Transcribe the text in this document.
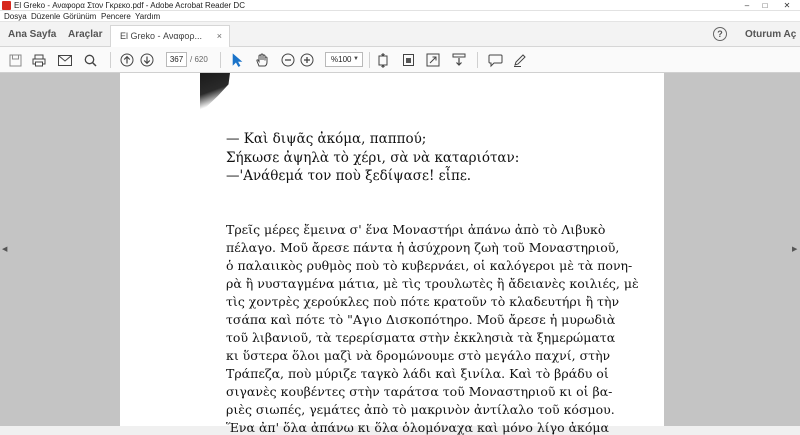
El Greko - Αναφορα Στον Γκρεκο.pdf - Adobe Acrobat Reader DC	–	□	✕
Dosya Düzenle Görünüm Pencere Yardım
Ana Sayfa Araçlar El Greko - Αναφορ... ×	?	Oturum Aç
367 / 620	%100 ▼
◀	▶
— Καὶ διψᾶς ἀκόμα, παππού;
Σήκωσε ἀψηλὰ τὸ χέρι, σὰ νὰ καταριόταν:
—'Ανάθεμά τον ποὺ ξεδίψασε! εἶπε.
Τρεῖς μέρες ἔμεινα σ' ἕνα Μοναστήρι ἀπάνω ἀπὸ τὸ Λιβυκὸ
πέλαγο. Μοῦ ἄρεσε πάντα ἡ ἀσύχρονη ζωὴ τοῦ Μοναστηριοῦ,
ὁ παλαιικὸς ρυθμὸς ποὺ τὸ κυβερνάει, οἱ καλόγεροι μὲ τὰ πονη-
ρὰ ἢ νυσταγμένα μάτια, μὲ τὶς τρουλωτὲς ἢ ἄδειανὲς κοιλιές, μὲ
τὶς χοντρὲς χερούκλες ποὺ πότε κρατοῦν τὸ κλαδευτήρι ἢ τὴν
τσάπα καὶ πότε τὸ "Αγιο Δισκοπότηρο. Μοῦ ἄρεσε ἡ μυρωδιὰ
τοῦ λιβανιοῦ, τὰ τερερίσματα στὴν ἐκκλησιὰ τὰ ξημερώματα
κι ὕστερα ὅλοι μαζὶ νὰ δρομώνουμε στὸ μεγάλο παχνί, στὴν
Τράπεζα, ποὺ μύριζε ταγκὸ λάδι καὶ ξινίλα. Καὶ τὸ βράδυ οἱ
σιγανὲς κουβέντες στὴν ταράτσα τοῦ Μοναστηριοῦ κι οἱ βα-
ριὲς σιωπές, γεμάτες ἀπὸ τὸ μακρινὸν ἀντίλαλο τοῦ κόσμου.
Ἕνα ἀπ' ὅλα ἀπάνω κι ὅλα ὁλομόναχα καὶ μόνο λίγο ἀκόμα
